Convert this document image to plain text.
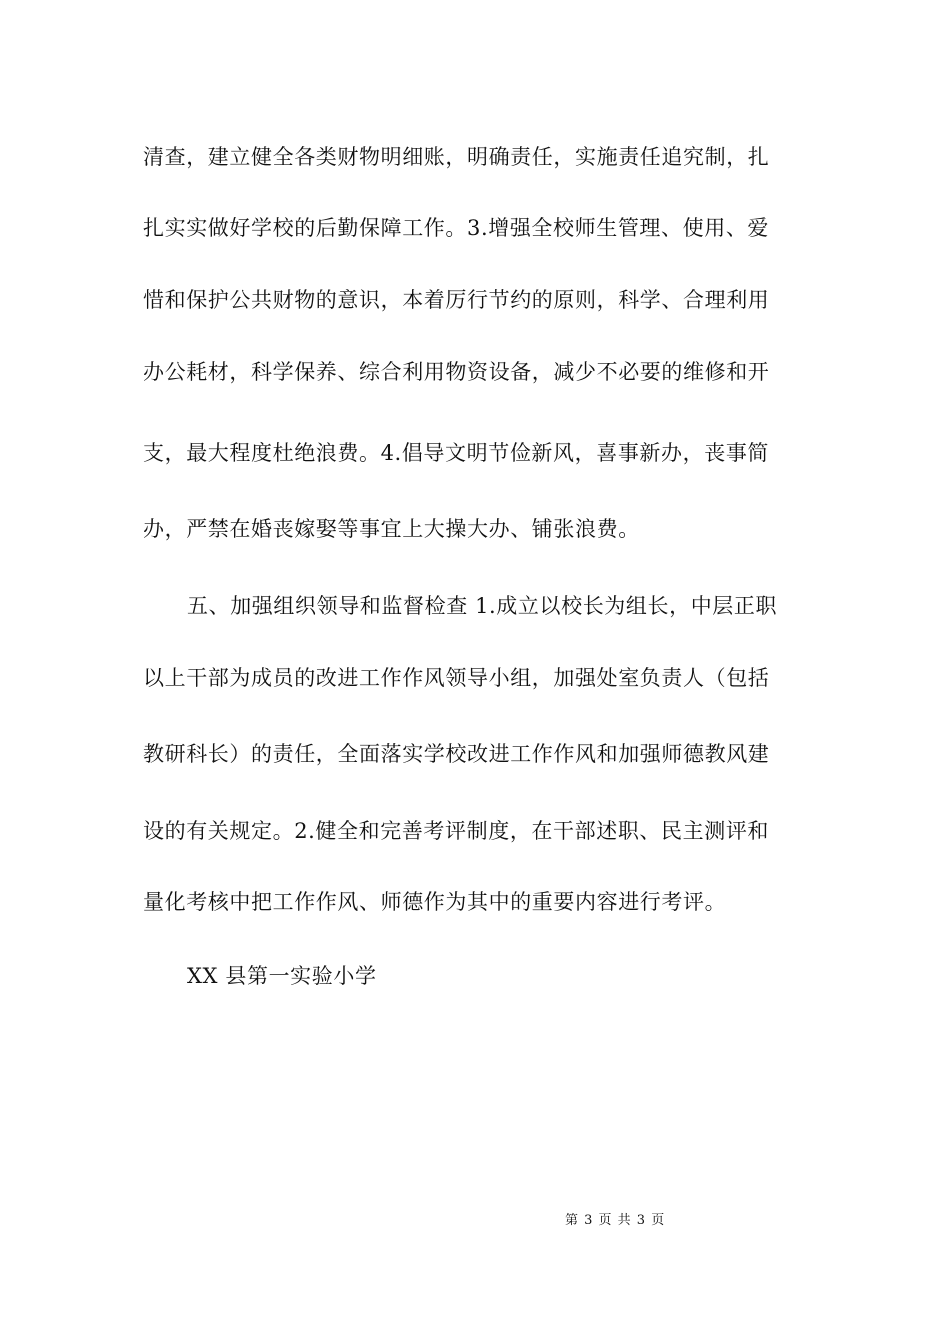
清查，建立健全各类财物明细账，明确责任，实施责任追究制，扎
扎实实做好学校的后勤保障工作。3.增强全校师生管理、使用、爱
惜和保护公共财物的意识，本着厉行节约的原则，科学、合理利用
办公耗材，科学保养、综合利用物资设备，减少不必要的维修和开
支，最大程度杜绝浪费。4.倡导文明节俭新风，喜事新办，丧事简
办，严禁在婚丧嫁娶等事宜上大操大办、铺张浪费。
五、加强组织领导和监督检查 1.成立以校长为组长，中层正职
以上干部为成员的改进工作作风领导小组，加强处室负责人（包括
教研科长）的责任，全面落实学校改进工作作风和加强师德教风建
设的有关规定。2.健全和完善考评制度，在干部述职、民主测评和
量化考核中把工作作风、师德作为其中的重要内容进行考评。
XX 县第一实验小学
第 3 页 共 3 页
